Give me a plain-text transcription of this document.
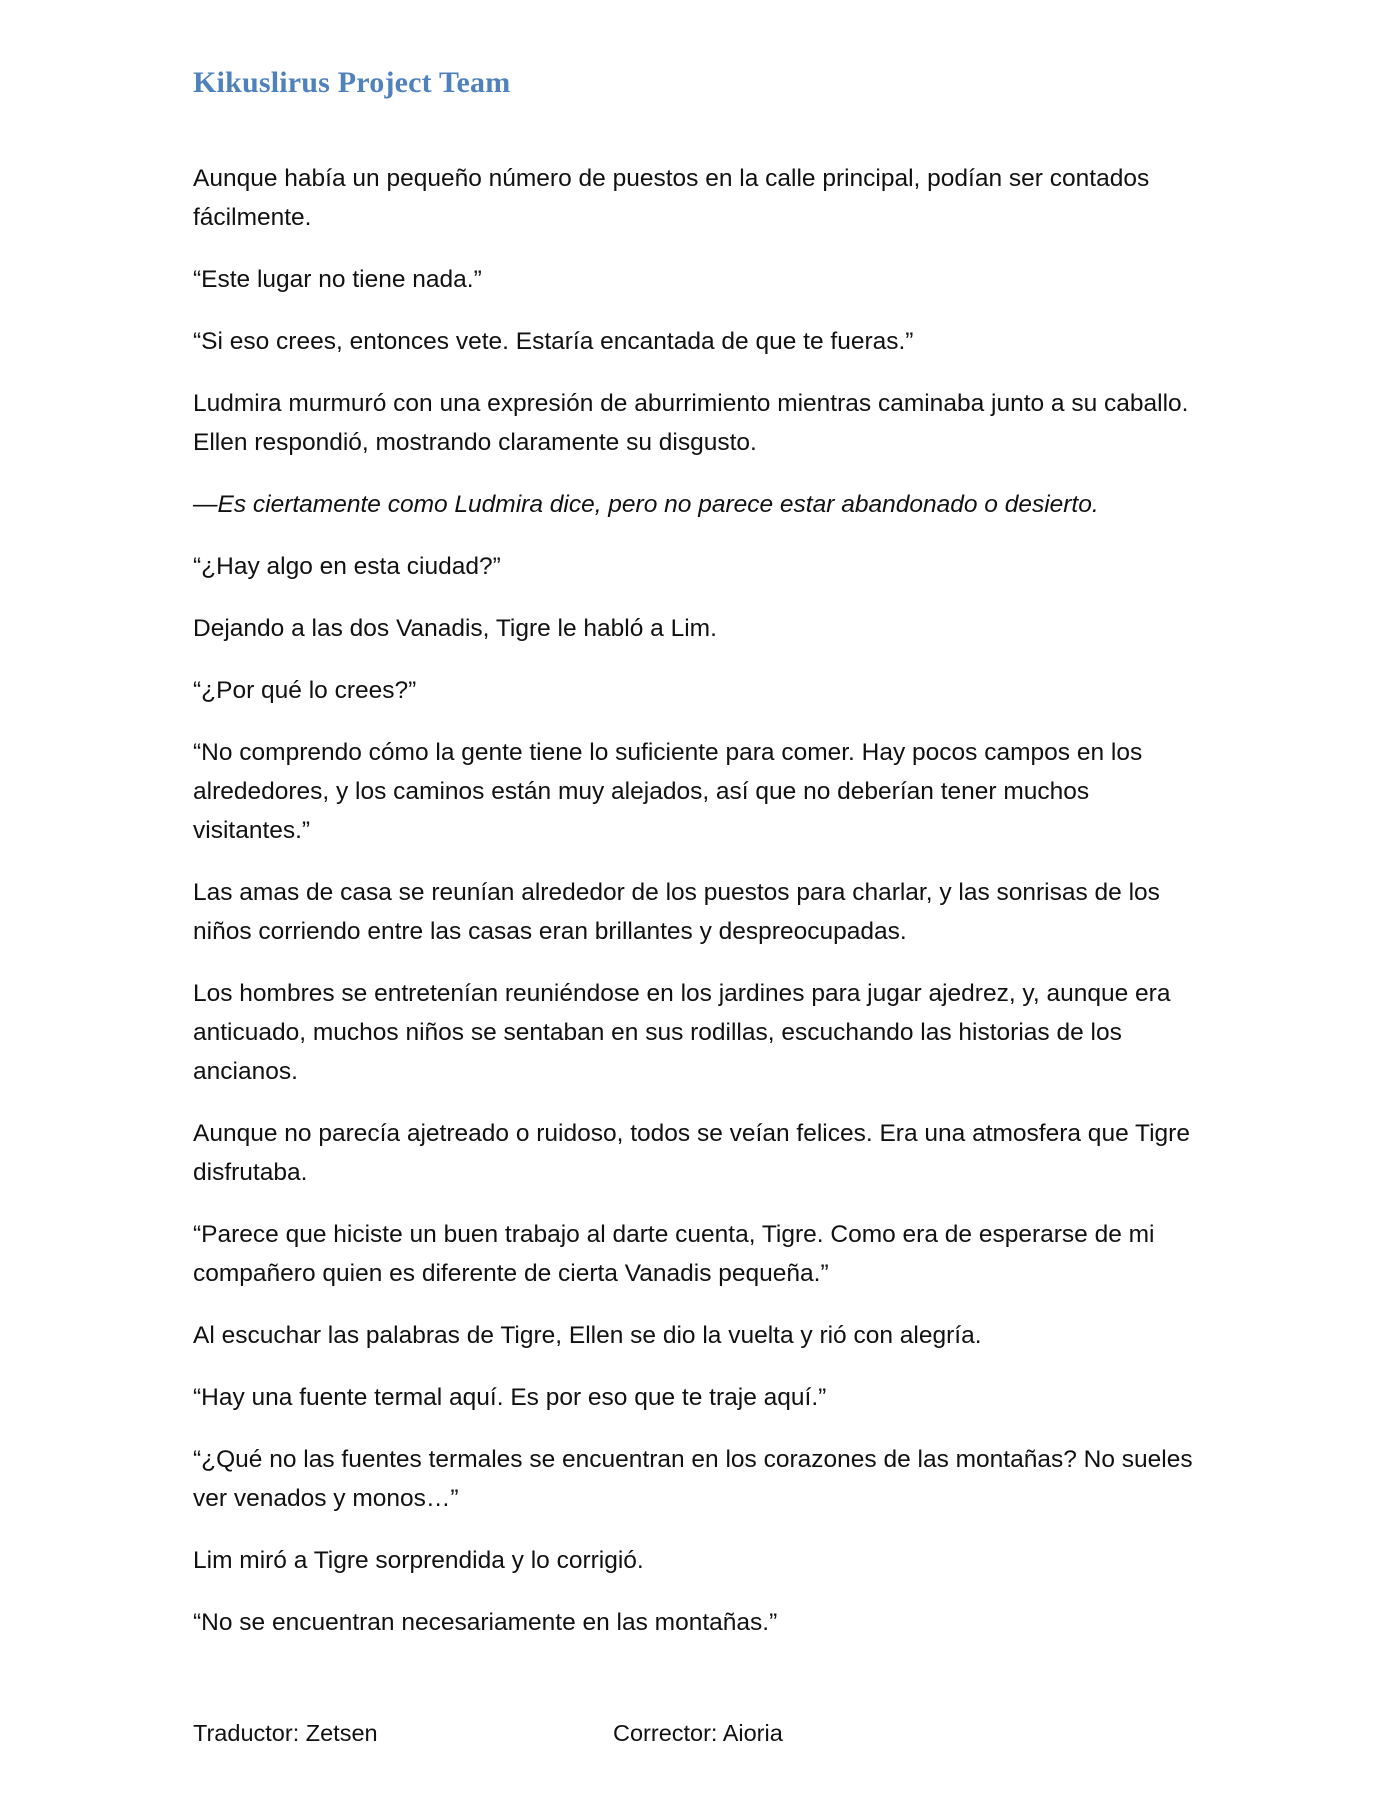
Kikuslirus Project Team

Aunque había un pequeño número de puestos en la calle principal, podían ser contados fácilmente.

“Este lugar no tiene nada.”

“Si eso crees, entonces vete. Estaría encantada de que te fueras.”

Ludmira murmuró con una expresión de aburrimiento mientras caminaba junto a su caballo. Ellen respondió, mostrando claramente su disgusto.

—Es ciertamente como Ludmira dice, pero no parece estar abandonado o desierto.

“¿Hay algo en esta ciudad?”

Dejando a las dos Vanadis, Tigre le habló a Lim.

“¿Por qué lo crees?”

“No comprendo cómo la gente tiene lo suficiente para comer. Hay pocos campos en los alrededores, y los caminos están muy alejados, así que no deberían tener muchos visitantes.”

Las amas de casa se reunían alrededor de los puestos para charlar, y las sonrisas de los niños corriendo entre las casas eran brillantes y despreocupadas.

Los hombres se entretenían reuniéndose en los jardines para jugar ajedrez, y, aunque era anticuado, muchos niños se sentaban en sus rodillas, escuchando las historias de los ancianos.

Aunque no parecía ajetreado o ruidoso, todos se veían felices. Era una atmosfera que Tigre disfrutaba.

“Parece que hiciste un buen trabajo al darte cuenta, Tigre. Como era de esperarse de mi compañero quien es diferente de cierta Vanadis pequeña.”

Al escuchar las palabras de Tigre, Ellen se dio la vuelta y rió con alegría.

“Hay una fuente termal aquí. Es por eso que te traje aquí.”

“¿Qué no las fuentes termales se encuentran en los corazones de las montañas? No sueles ver venados y monos…”

Lim miró a Tigre sorprendida y lo corrigió.

“No se encuentran necesariamente en las montañas.”

Traductor: Zetsen	Corrector: Aioria
